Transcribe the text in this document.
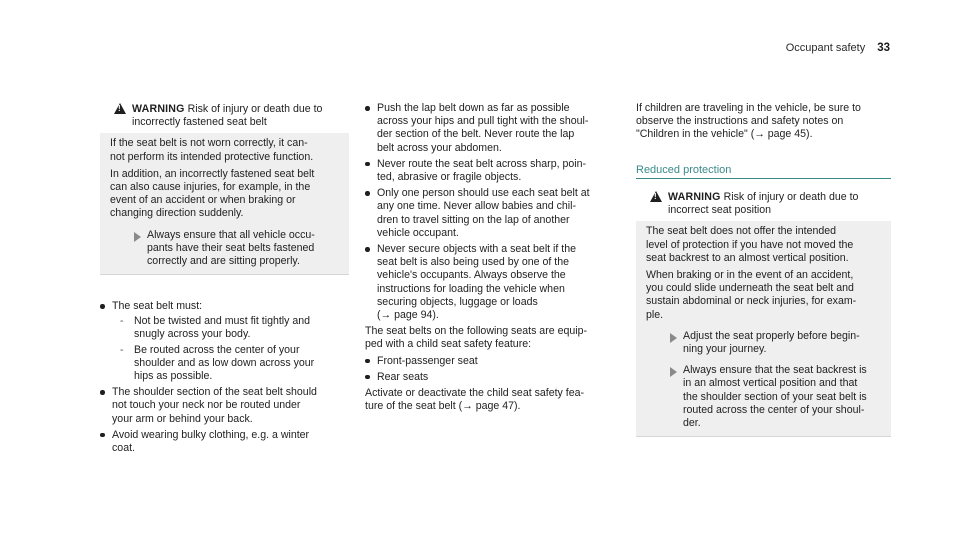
Occupant safety 33
!
WARNING Risk of injury or death due to
incorrectly fastened seat belt

If the seat belt is not worn correctly, it can-
not perform its intended protective function.

In addition, an incorrectly fastened seat belt
can also cause injuries, for example, in the
event of an accident or when braking or
changing direction suddenly.

Always ensure that all vehicle occu-
pants have their seat belts fastened
correctly and are sitting properly.
The seat belt must:
- Not be twisted and must fit tightly and
snugly across your body.
- Be routed across the center of your
shoulder and as low down across your
hips as possible.
The shoulder section of the seat belt should
not touch your neck nor be routed under
your arm or behind your back.
Avoid wearing bulky clothing, e.g. a winter
coat.
Push the lap belt down as far as possible
across your hips and pull tight with the shoul-
der section of the belt. Never route the lap
belt across your abdomen.
Never route the seat belt across sharp, poin-
ted, abrasive or fragile objects.
Only one person should use each seat belt at
any one time. Never allow babies and chil-
dren to travel sitting on the lap of another
vehicle occupant.
Never secure objects with a seat belt if the
seat belt is also being used by one of the
vehicle's occupants. Always observe the
instructions for loading the vehicle when
securing objects, luggage or loads
(→ page 94).

The seat belts on the following seats are equip-
ped with a child seat safety feature:

Front-passenger seat
Rear seats

Activate or deactivate the child seat safety fea-
ture of the seat belt (→ page 47).

If children are traveling in the vehicle, be sure to
observe the instructions and safety notes on
"Children in the vehicle" (→ page 45).

Reduced protection
!
WARNING Risk of injury or death due to
incorrect seat position

The seat belt does not offer the intended
level of protection if you have not moved the
seat backrest to an almost vertical position.

When braking or in the event of an accident,
you could slide underneath the seat belt and
sustain abdominal or neck injuries, for exam-
ple.

Adjust the seat properly before begin-
ning your journey.
Always ensure that the seat backrest is
in an almost vertical position and that
the shoulder section of your seat belt is
routed across the center of your shoul-
der.
